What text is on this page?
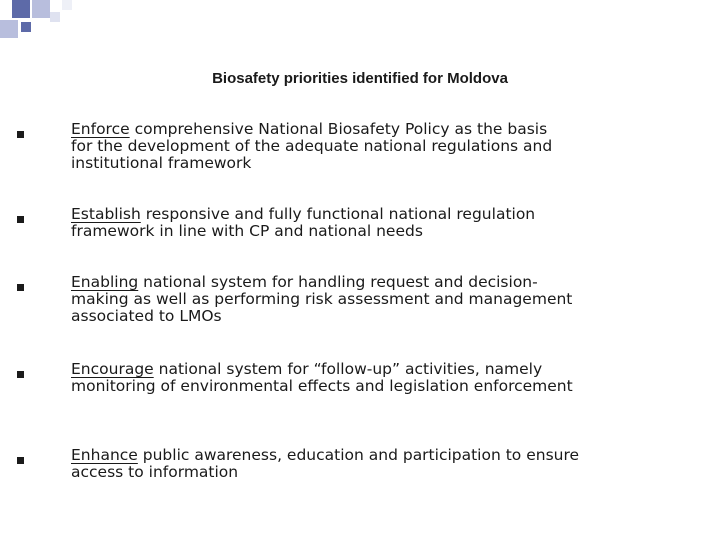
Biosafety priorities identified for Moldova
Enforce comprehensive National Biosafety Policy as the basis
for the development of the adequate national regulations and
institutional framework
Establish responsive and fully functional national regulation
framework in line with CP and national needs
Enabling national system for handling request and decision-
making as well as performing risk assessment and management
associated to LMOs
Encourage national system for “follow-up” activities, namely
monitoring of environmental effects and legislation enforcement
Enhance public awareness, education and participation to ensure
access to information
